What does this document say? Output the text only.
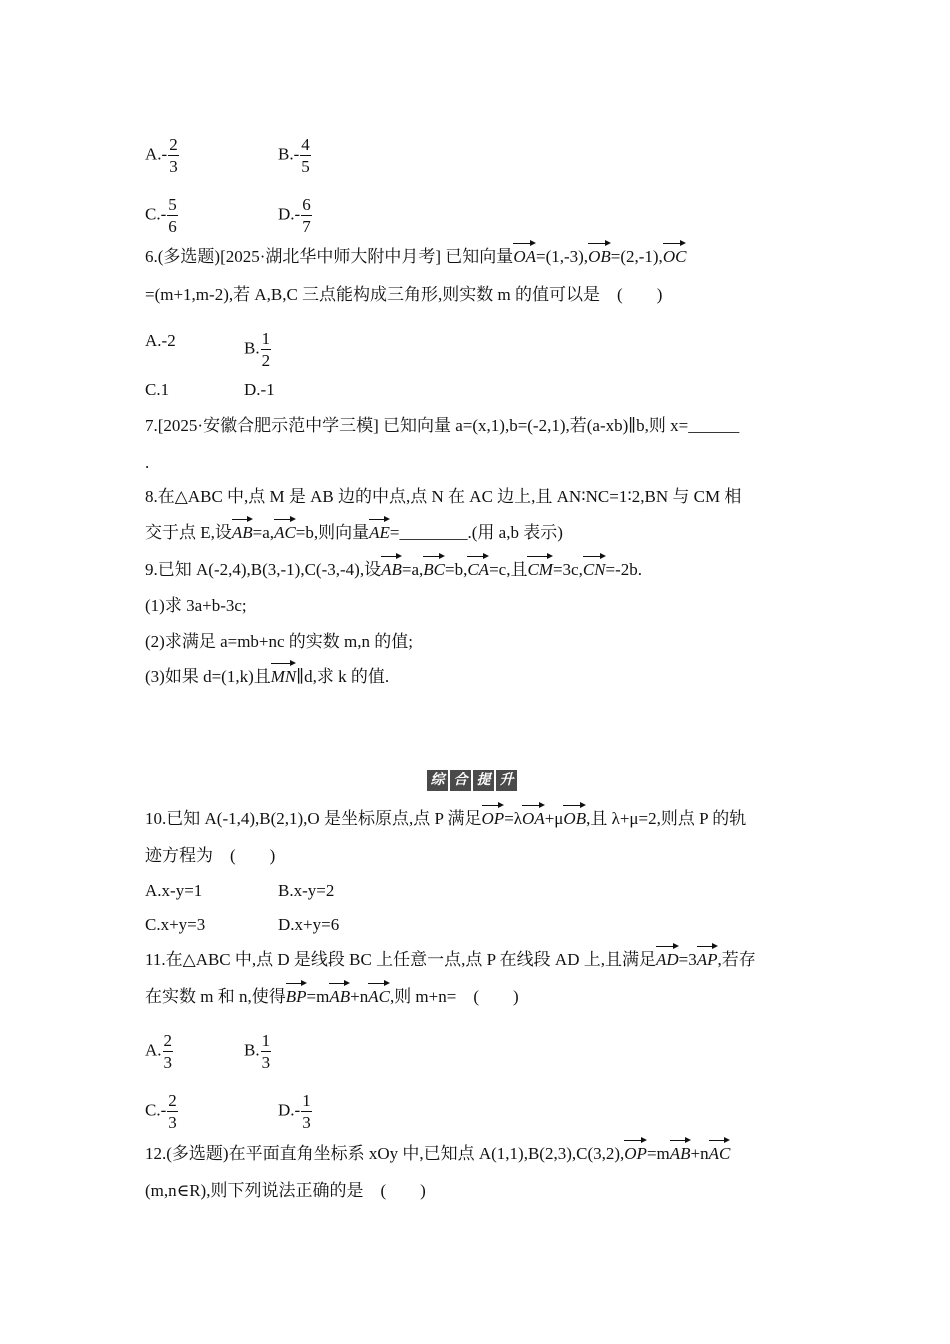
$A.- \frac{2}{3}$	$B.- \frac{4}{5}$
$C.- \frac{5}{6}$	$D.- \frac{6}{7}$
6.(多选题)[2025·湖北华中师大附中月考] 已知向量OA=(1,-3),OB=(2,-1),OC
=(m+1,m-2),若 A,B,C 三点能构成三角形,则实数 m 的值可以是　(　　)
A.-2	B. $\frac{1}{2}$
C.1	D.-1
7.[2025·安徽合肥示范中学三模] 已知向量 a=(x,1),b=(-2,1),若(a-xb)∥b,则 x=______
.
8.在△ABC 中,点 M 是 AB 边的中点,点 N 在 AC 边上,且 AN∶NC=1∶2,BN 与 CM 相
交于点 E,设AB=a,AC=b,则向量AE=________.(用 a,b 表示)
9.已知 A(-2,4),B(3,-1),C(-3,-4),设AB=a,BC=b,CA=c,且CM=3c,CN=-2b.
(1)求 3a+b-3c;
(2)求满足 a=mb+nc 的实数 m,n 的值;
(3)如果 d=(1,k)且MN∥d,求 k 的值.
综 合 提 升
10.已知 A(-1,4),B(2,1),O 是坐标原点,点 P 满足OP=λOA+μOB,且 λ+μ=2,则点 P 的轨
迹方程为　(　　)
A.x-y=1	B.x-y=2
C.x+y=3	D.x+y=6
11.在△ABC 中,点 D 是线段 BC 上任意一点,点 P 在线段 AD 上,且满足AD=3AP,若存
在实数 m 和 n,使得BP=mAB+nAC,则 m+n=　(　　)
A. $\frac{2}{3}$	B. $\frac{1}{3}$
$C.- \frac{2}{3}$	$D.- \frac{1}{3}$
12.(多选题)在平面直角坐标系 xOy 中,已知点 A(1,1),B(2,3),C(3,2),OP=mAB+nAC
(m,n∈R),则下列说法正确的是　(　　)
